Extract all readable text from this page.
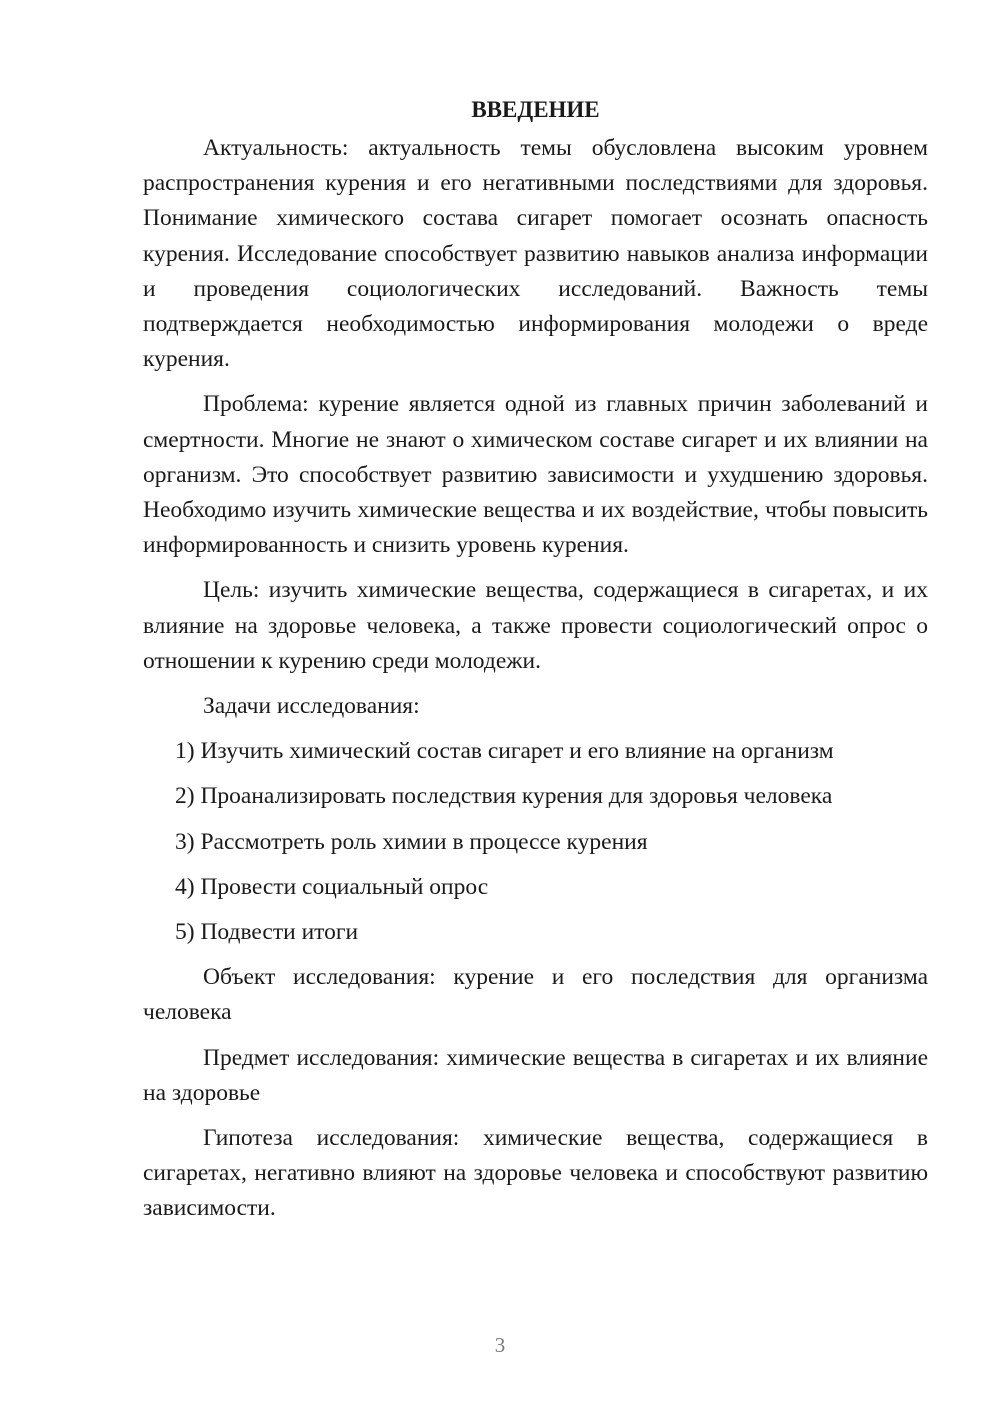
ВВЕДЕНИЕ

Актуальность: актуальность темы обусловлена высоким уровнем распространения курения и его негативными последствиями для здоровья. Понимание химического состава сигарет помогает осознать опасность курения. Исследование способствует развитию навыков анализа информации и проведения социологических исследований. Важность темы подтверждается необходимостью информирования молодежи о вреде курения.

Проблема: курение является одной из главных причин заболеваний и смертности. Многие не знают о химическом составе сигарет и их влиянии на организм. Это способствует развитию зависимости и ухудшению здоровья. Необходимо изучить химические вещества и их воздействие, чтобы повысить информированность и снизить уровень курения.

Цель: изучить химические вещества, содержащиеся в сигаретах, и их влияние на здоровье человека, а также провести социологический опрос о отношении к курению среди молодежи.

Задачи исследования:

1) Изучить химический состав сигарет и его влияние на организм
2) Проанализировать последствия курения для здоровья человека
3) Рассмотреть роль химии в процессе курения
4) Провести социальный опрос
5) Подвести итоги

Объект исследования: курение и его последствия для организма человека

Предмет исследования: химические вещества в сигаретах и их влияние на здоровье

Гипотеза исследования: химические вещества, содержащиеся в сигаретах, негативно влияют на здоровье человека и способствуют развитию зависимости.

3
